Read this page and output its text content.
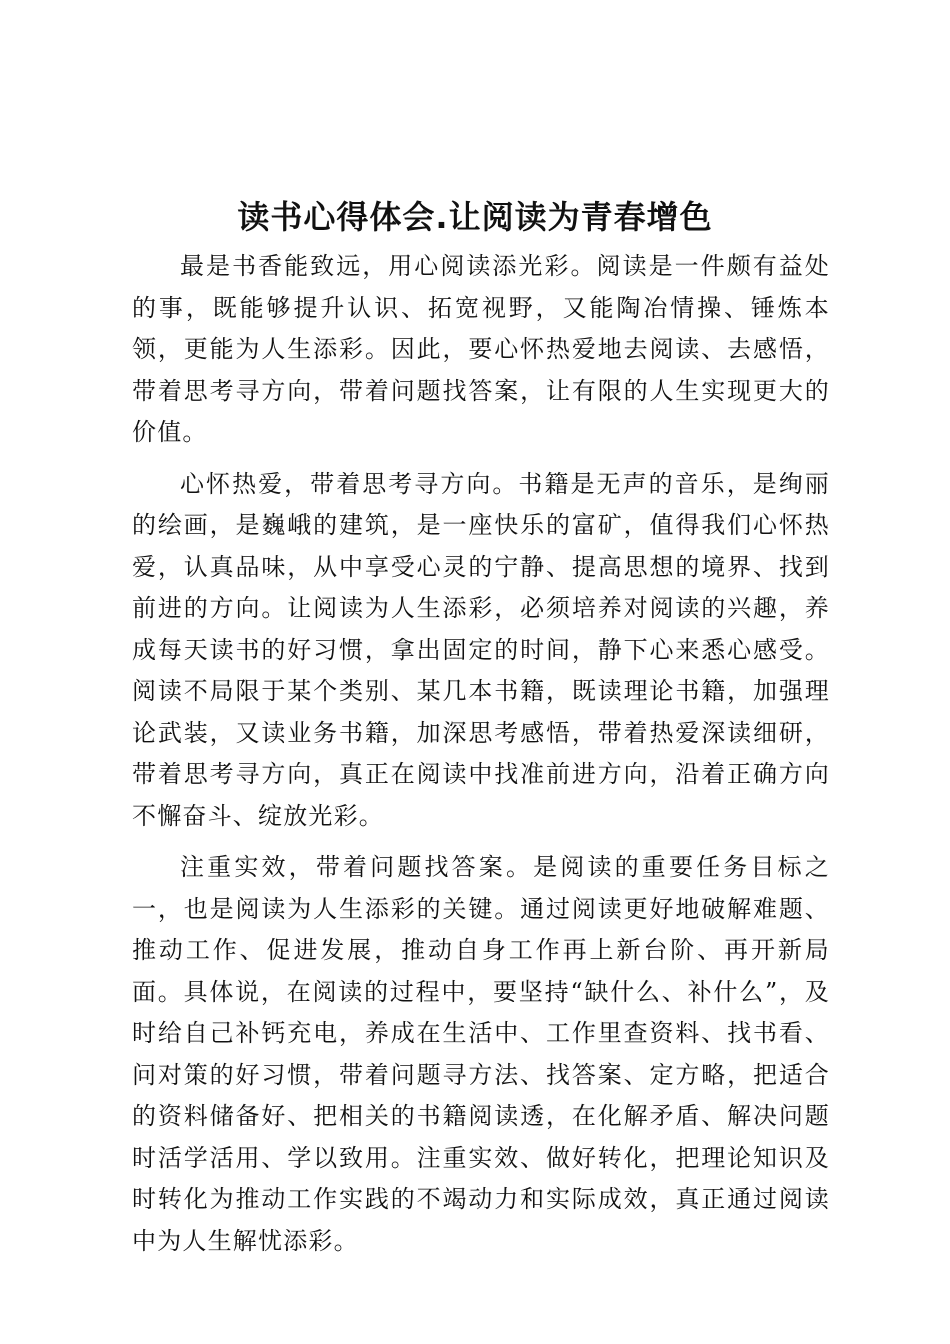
读书心得体会.让阅读为青春增色

最是书香能致远，用心阅读添光彩。阅读是一件颇有益处的事，既能够提升认识、拓宽视野，又能陶冶情操、锤炼本领，更能为人生添彩。因此，要心怀热爱地去阅读、去感悟，带着思考寻方向，带着问题找答案，让有限的人生实现更大的价值。

心怀热爱，带着思考寻方向。书籍是无声的音乐，是绚丽的绘画，是巍峨的建筑，是一座快乐的富矿，值得我们心怀热爱，认真品味，从中享受心灵的宁静、提高思想的境界、找到前进的方向。让阅读为人生添彩，必须培养对阅读的兴趣，养成每天读书的好习惯，拿出固定的时间，静下心来悉心感受。阅读不局限于某个类别、某几本书籍，既读理论书籍，加强理论武装，又读业务书籍，加深思考感悟，带着热爱深读细研，带着思考寻方向，真正在阅读中找准前进方向，沿着正确方向不懈奋斗、绽放光彩。

注重实效，带着问题找答案。是阅读的重要任务目标之一，也是阅读为人生添彩的关键。通过阅读更好地破解难题、推动工作、促进发展，推动自身工作再上新台阶、再开新局面。具体说，在阅读的过程中，要坚持“缺什么、补什么”，及时给自己补钙充电，养成在生活中、工作里查资料、找书看、问对策的好习惯，带着问题寻方法、找答案、定方略，把适合的资料储备好、把相关的书籍阅读透，在化解矛盾、解决问题时活学活用、学以致用。注重实效、做好转化，把理论知识及时转化为推动工作实践的不竭动力和实际成效，真正通过阅读中为人生解忧添彩。
